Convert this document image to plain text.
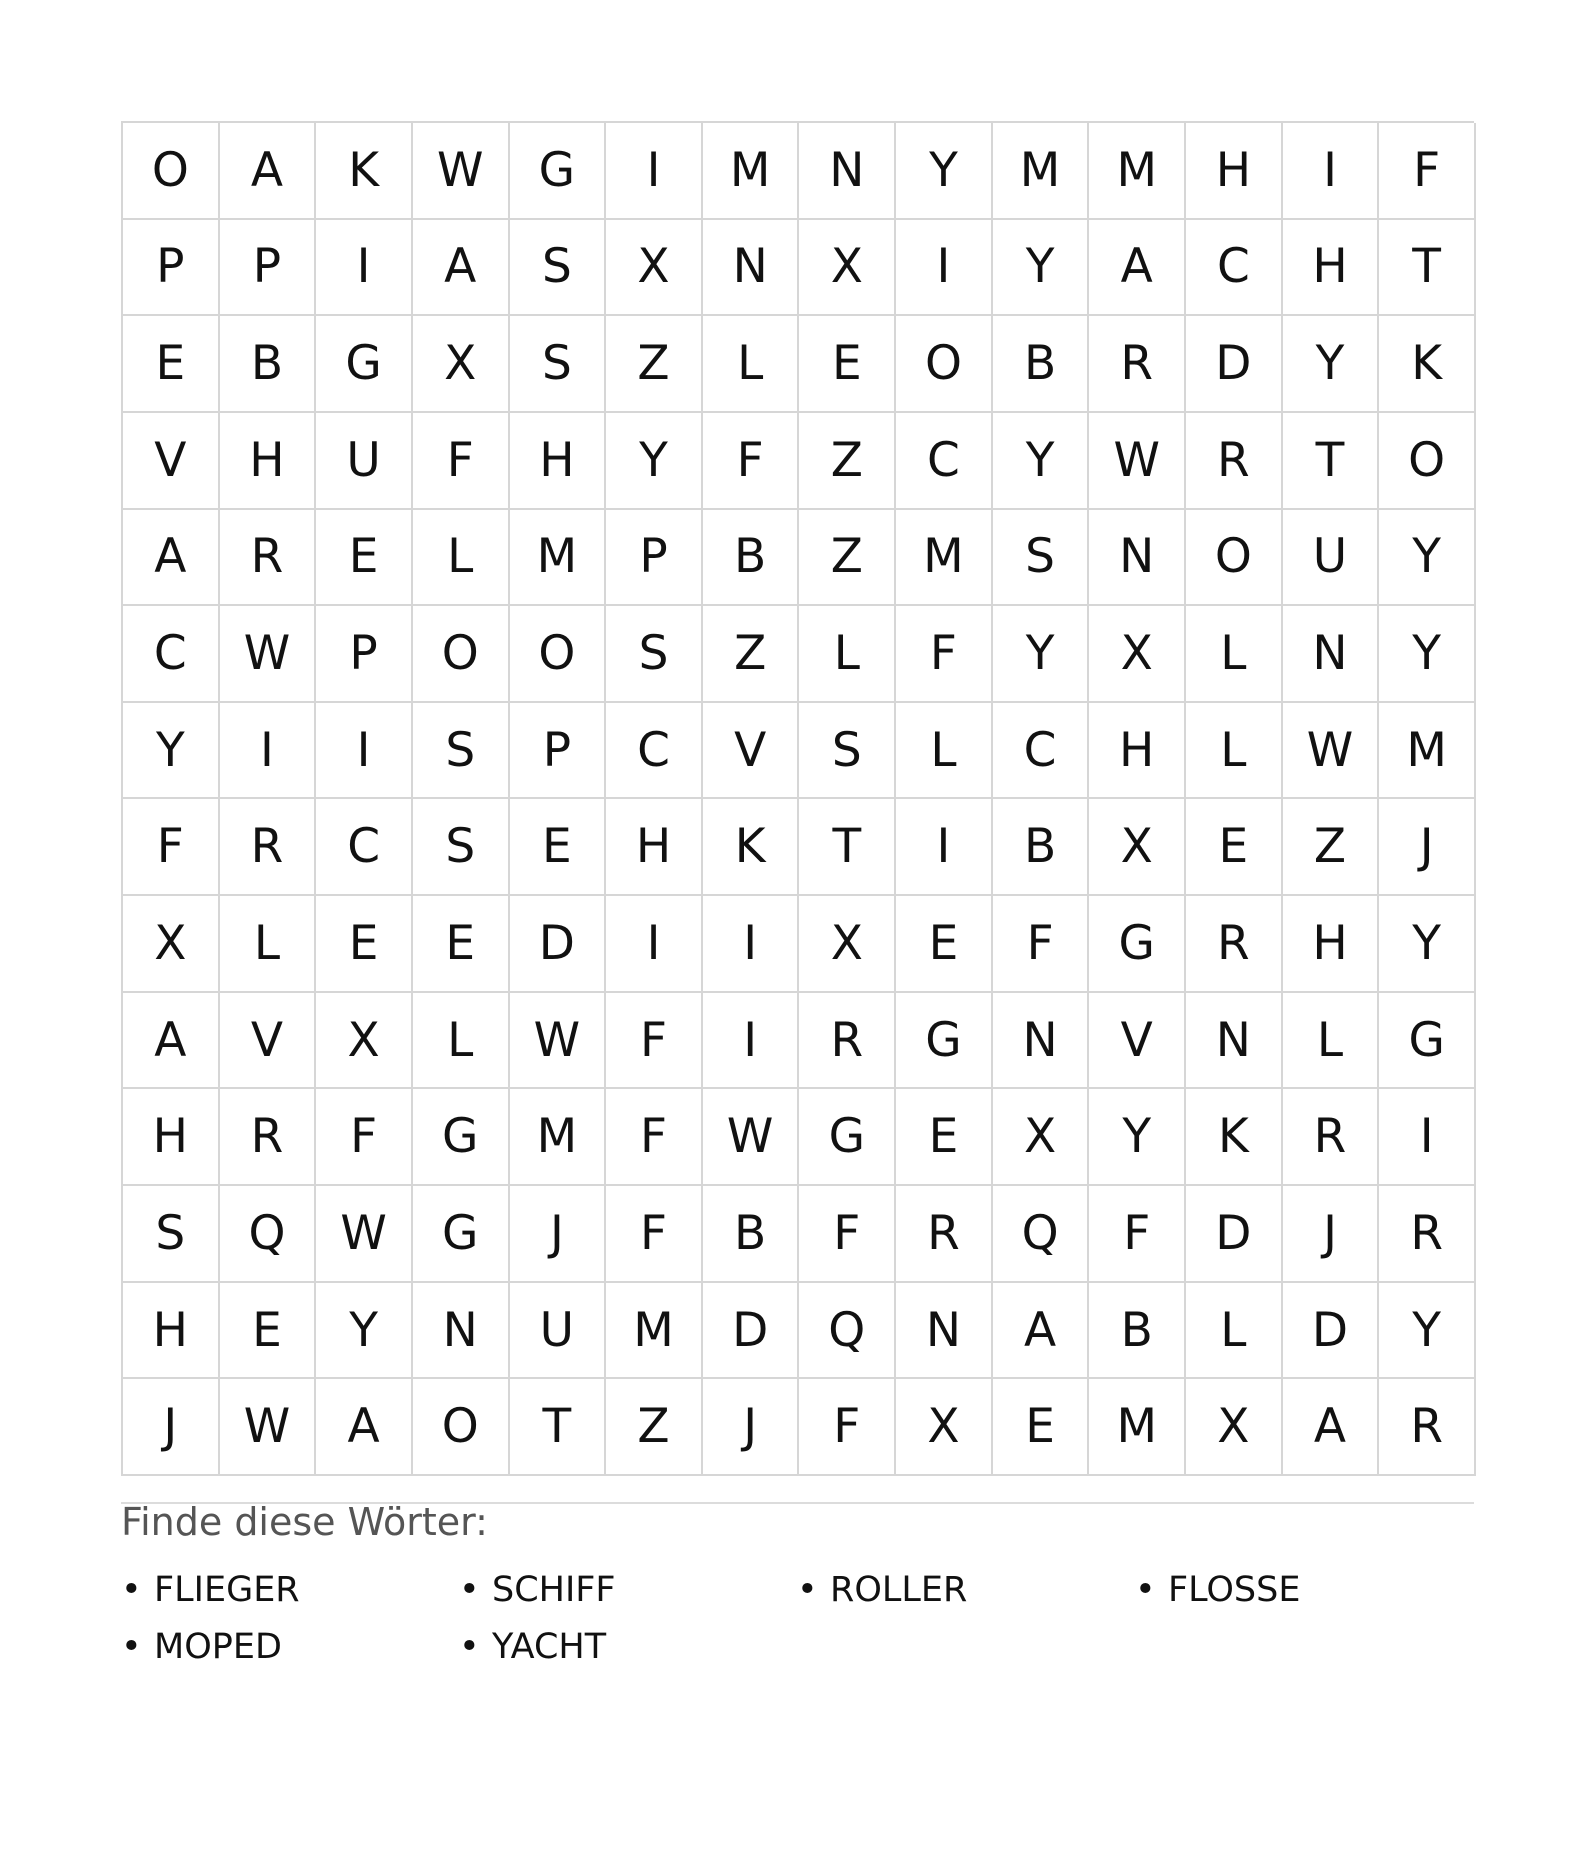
O	A	K	W	G	I	M	N	Y	M	M	H	I	F
P	P	I	A	S	X	N	X	I	Y	A	C	H	T
E	B	G	X	S	Z	L	E	O	B	R	D	Y	K
V	H	U	F	H	Y	F	Z	C	Y	W	R	T	O
A	R	E	L	M	P	B	Z	M	S	N	O	U	Y
C	W	P	O	O	S	Z	L	F	Y	X	L	N	Y
Y	I	I	S	P	C	V	S	L	C	H	L	W	M
F	R	C	S	E	H	K	T	I	B	X	E	Z	J
X	L	E	E	D	I	I	X	E	F	G	R	H	Y
A	V	X	L	W	F	I	R	G	N	V	N	L	G
H	R	F	G	M	F	W	G	E	X	Y	K	R	I
S	Q	W	G	J	F	B	F	R	Q	F	D	J	R
H	E	Y	N	U	M	D	Q	N	A	B	L	D	Y
J	W	A	O	T	Z	J	F	X	E	M	X	A	R
Finde diese Wörter:
• FLIEGER	• SCHIFF	• ROLLER	• FLOSSE
• MOPED	• YACHT
